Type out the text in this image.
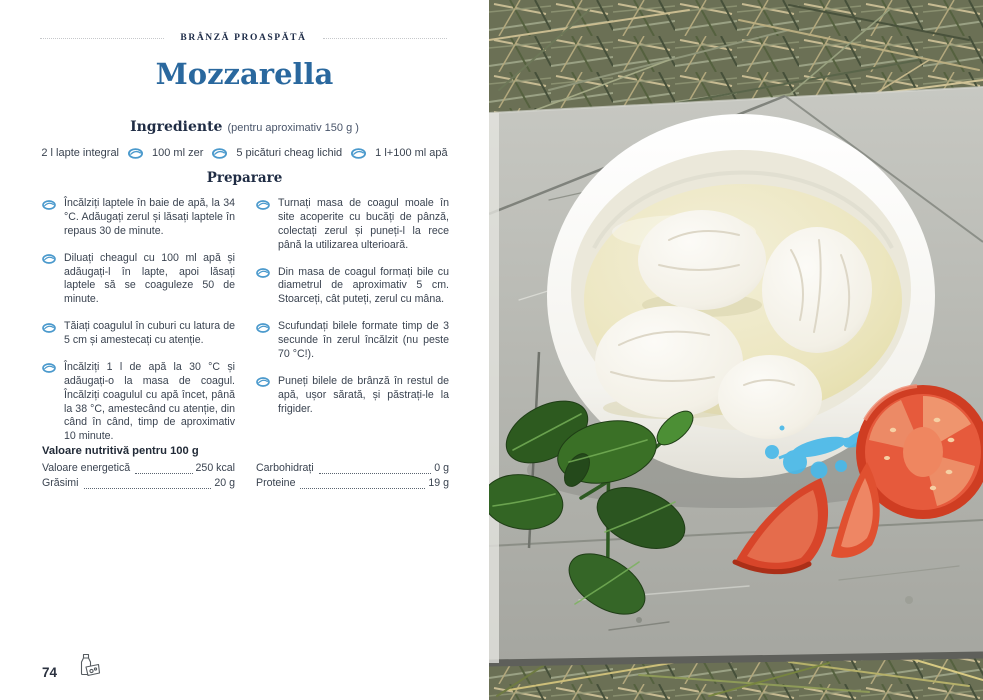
BRÂNZĂ PROASPĂTĂ
Mozzarella
Ingrediente (pentru aproximativ 150 g )
2 l lapte integral	100 ml zer	5 picături cheag lichid	1 l+100 ml apă
Preparare

Încălziți laptele în baie de apă, la 34 °C. Adăugați zerul și lăsați laptele în repaus 30 de minute.

Diluați cheagul cu 100 ml apă și adăugați-l în lapte, apoi lăsați laptele să se coaguleze 50 de minute.

Tăiați coagulul în cuburi cu latura de 5 cm și amestecați cu atenție.

Încălziți 1 l de apă la 30 °C și adăugați-o la masa de coagul. Încălziți coagulul cu apă încet, până la 38 °C, amestecând cu atenție, din când în când, timp de aproximativ 10 minute.

Turnați masa de coagul moale în site acoperite cu bucăți de pânză, colectați zerul și puneți-l la rece până la utilizarea ulterioară.

Din masa de coagul formați bile cu diametrul de aproximativ 5 cm. Stoarceți, cât puteți, zerul cu mâna.

Scufundați bilele formate timp de 3 secunde în zerul încălzit (nu peste 70 °C!).

Puneți bilele de brânză în restul de apă, ușor sărată, și păstrați-le la frigider.

Valoare nutritivă pentru 100 g
Valoare energetică	250 kcal
Grăsimi	20 g
Carbohidrați	0 g
Proteine	19 g
74
